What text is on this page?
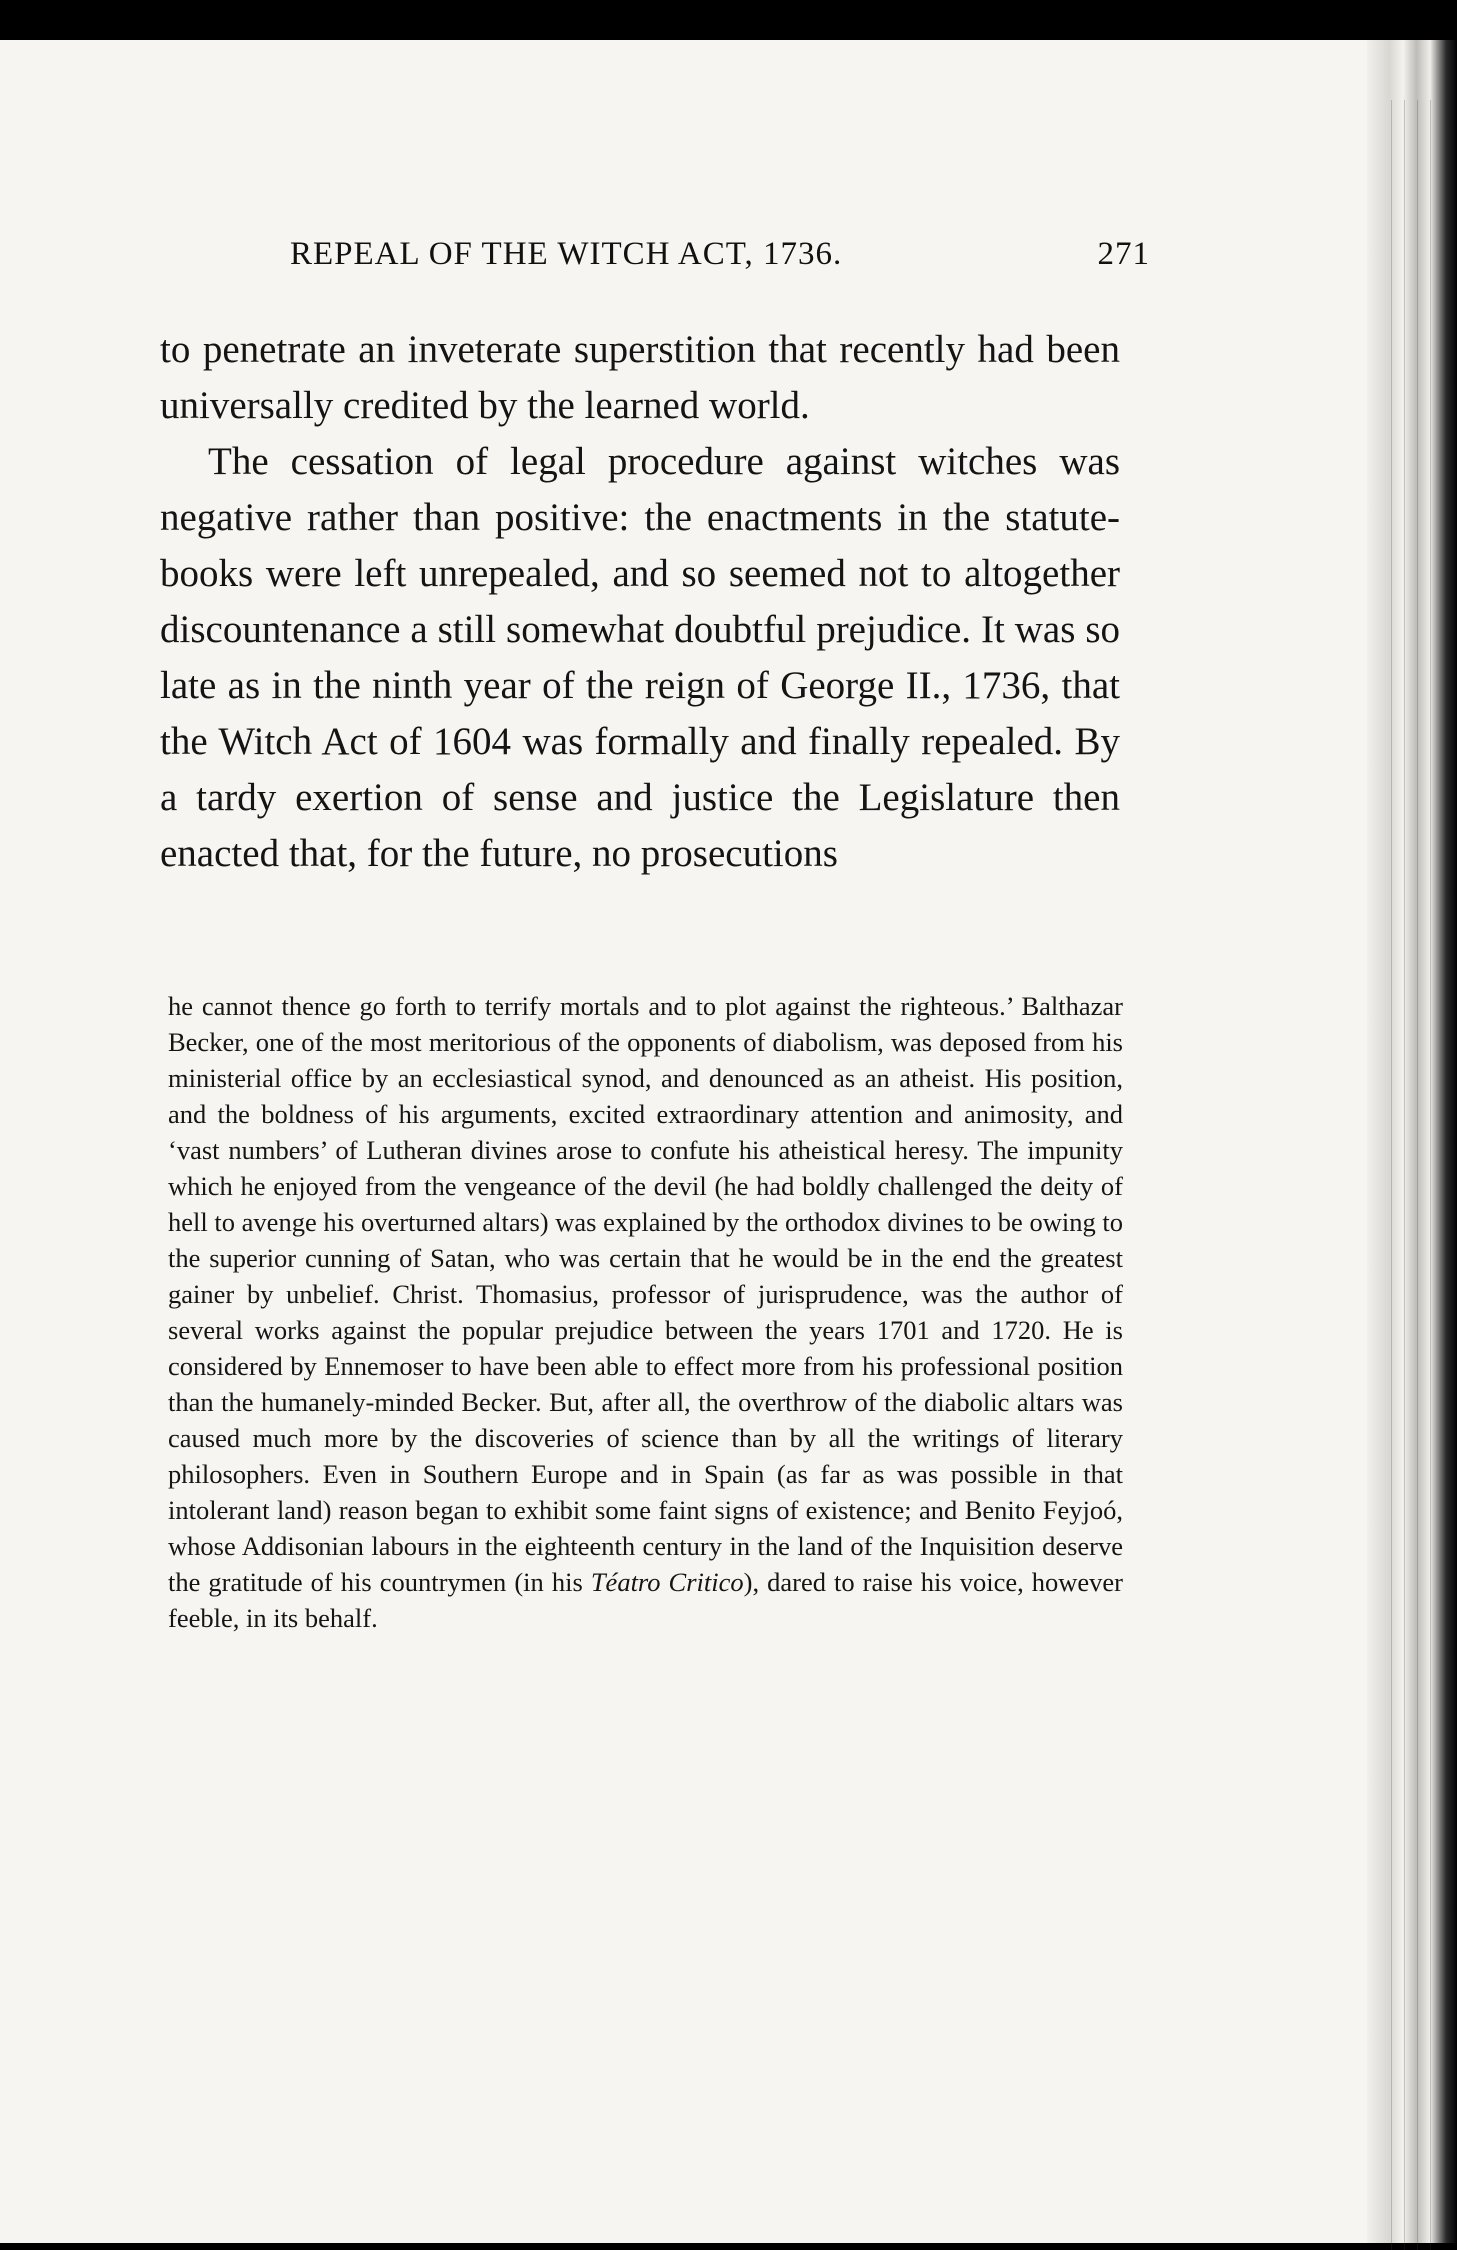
REPEAL OF THE WITCH ACT, 1736.	271

to penetrate an inveterate superstition that recently had been universally credited by the learned world.

The cessation of legal procedure against witches was negative rather than positive: the enactments in the statute-books were left unrepealed, and so seemed not to altogether discountenance a still somewhat doubtful prejudice. It was so late as in the ninth year of the reign of George II., 1736, that the Witch Act of 1604 was formally and finally repealed. By a tardy exertion of sense and justice the Legislature then enacted that, for the future, no prosecutions

he cannot thence go forth to terrify mortals and to plot against the righteous.’ Balthazar Becker, one of the most meritorious of the opponents of diabolism, was deposed from his ministerial office by an ecclesiastical synod, and denounced as an atheist. His position, and the boldness of his arguments, excited extraordinary attention and animosity, and ‘vast numbers’ of Lutheran divines arose to confute his atheistical heresy. The impunity which he enjoyed from the vengeance of the devil (he had boldly challenged the deity of hell to avenge his overturned altars) was explained by the orthodox divines to be owing to the superior cunning of Satan, who was certain that he would be in the end the greatest gainer by unbelief. Christ. Thomasius, professor of jurisprudence, was the author of several works against the popular prejudice between the years 1701 and 1720. He is considered by Ennemoser to have been able to effect more from his professional position than the humanely-minded Becker. But, after all, the overthrow of the diabolic altars was caused much more by the discoveries of science than by all the writings of literary philosophers. Even in Southern Europe and in Spain (as far as was possible in that intolerant land) reason began to exhibit some faint signs of existence; and Benito Feyjoó, whose Addisonian labours in the eighteenth century in the land of the Inquisition deserve the gratitude of his countrymen (in his Téatro Critico), dared to raise his voice, however feeble, in its behalf.
